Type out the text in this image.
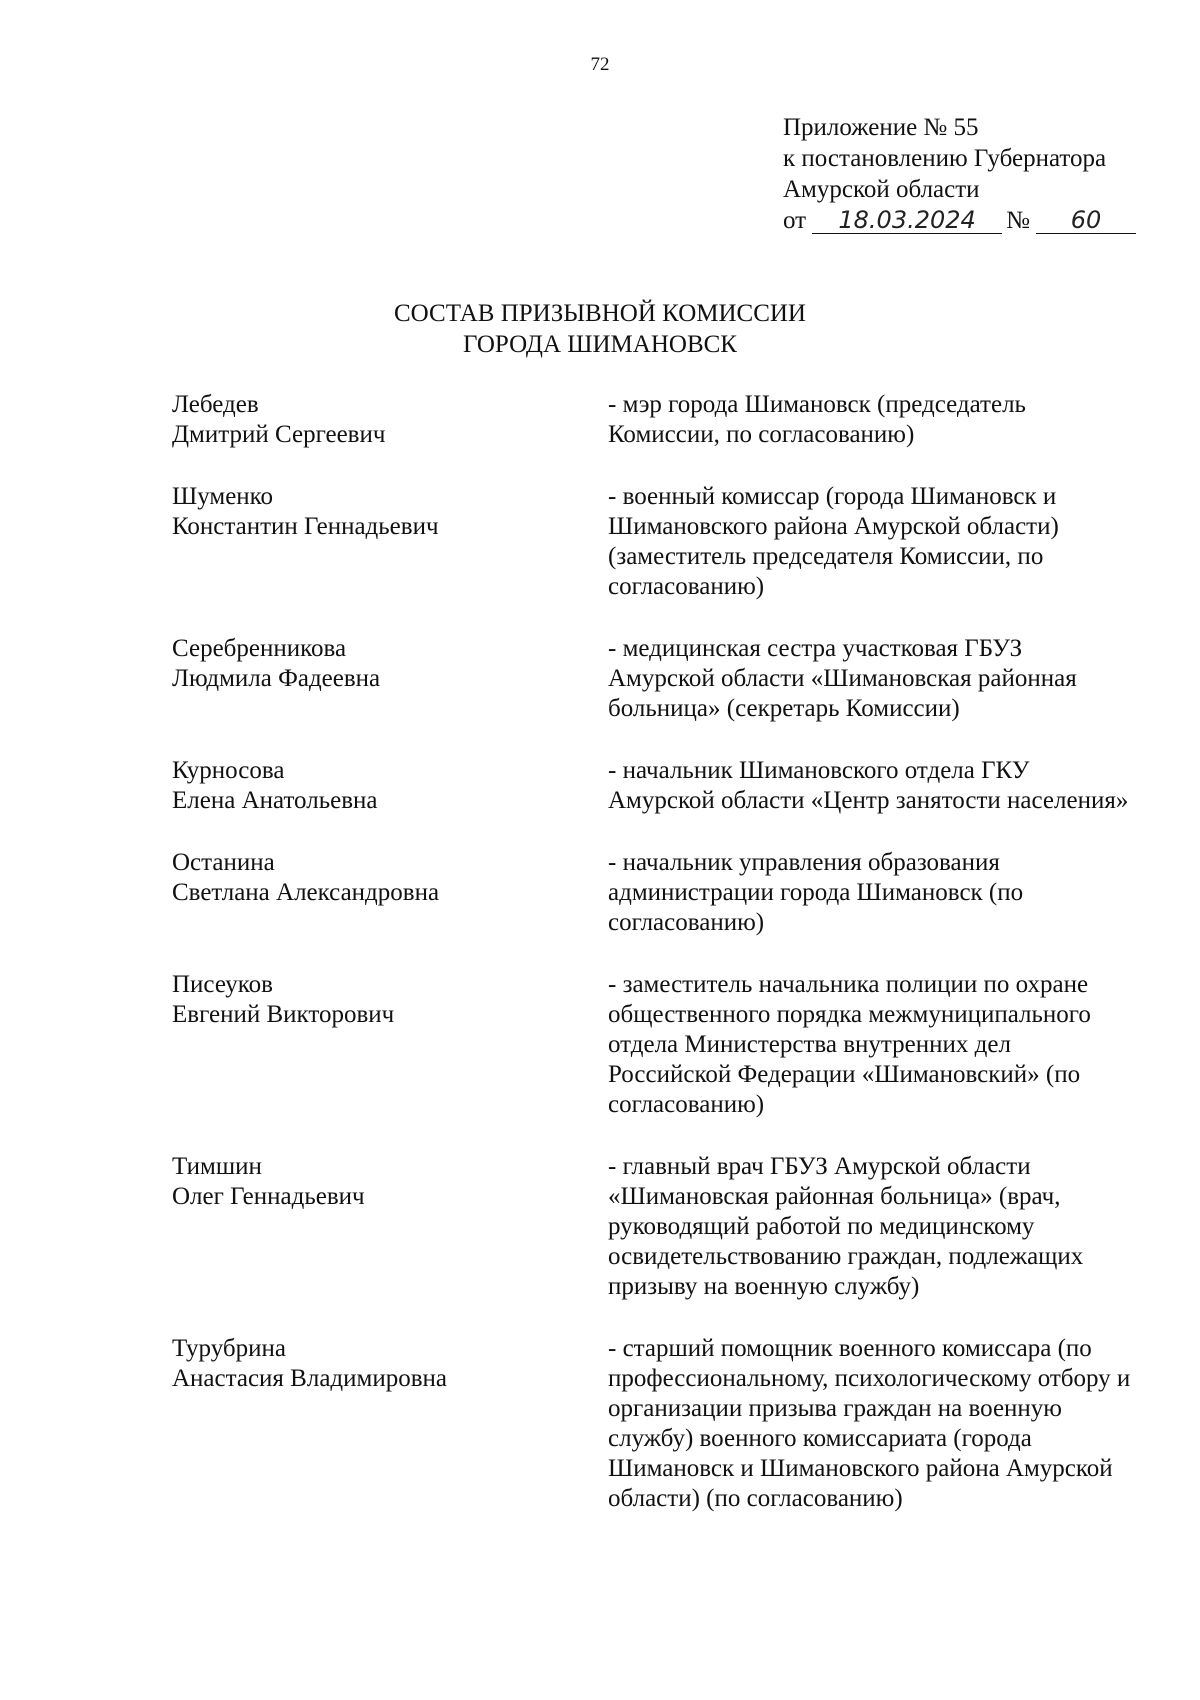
72
Приложение № 55
к постановлению Губернатора
Амурской области
от 18.03.2024 № 60
СОСТАВ ПРИЗЫВНОЙ КОМИССИИ
ГОРОДА ШИМАНОВСК
Лебедев
Дмитрий Сергеевич
- мэр города Шимановск (председатель Комиссии, по согласованию)
Шуменко
Константин Геннадьевич
- военный комиссар (города Шимановск и Шимановского района Амурской области) (заместитель председателя Комиссии, по согласованию)
Серебренникова
Людмила Фадеевна
- медицинская сестра участковая ГБУЗ Амурской области «Шимановская районная больница» (секретарь Комиссии)
Курносова
Елена Анатольевна
- начальник Шимановского отдела ГКУ Амурской области «Центр занятости населения»
Останина
Светлана Александровна
- начальник управления образования администрации города Шимановск (по согласованию)
Писеуков
Евгений Викторович
- заместитель начальника полиции по охране общественного порядка межмуниципального отдела Министерства внутренних дел Российской Федерации «Шимановский» (по согласованию)
Тимшин
Олег Геннадьевич
- главный врач ГБУЗ Амурской области «Шимановская районная больница» (врач, руководящий работой по медицинскому освидетельствованию граждан, подлежащих призыву на военную службу)
Турубрина
Анастасия Владимировна
- старший помощник военного комиссара (по профессиональному, психологическому отбору и организации призыва граждан на военную службу) военного комиссариата (города Шимановск и Шимановского района Амурской области) (по согласованию)
